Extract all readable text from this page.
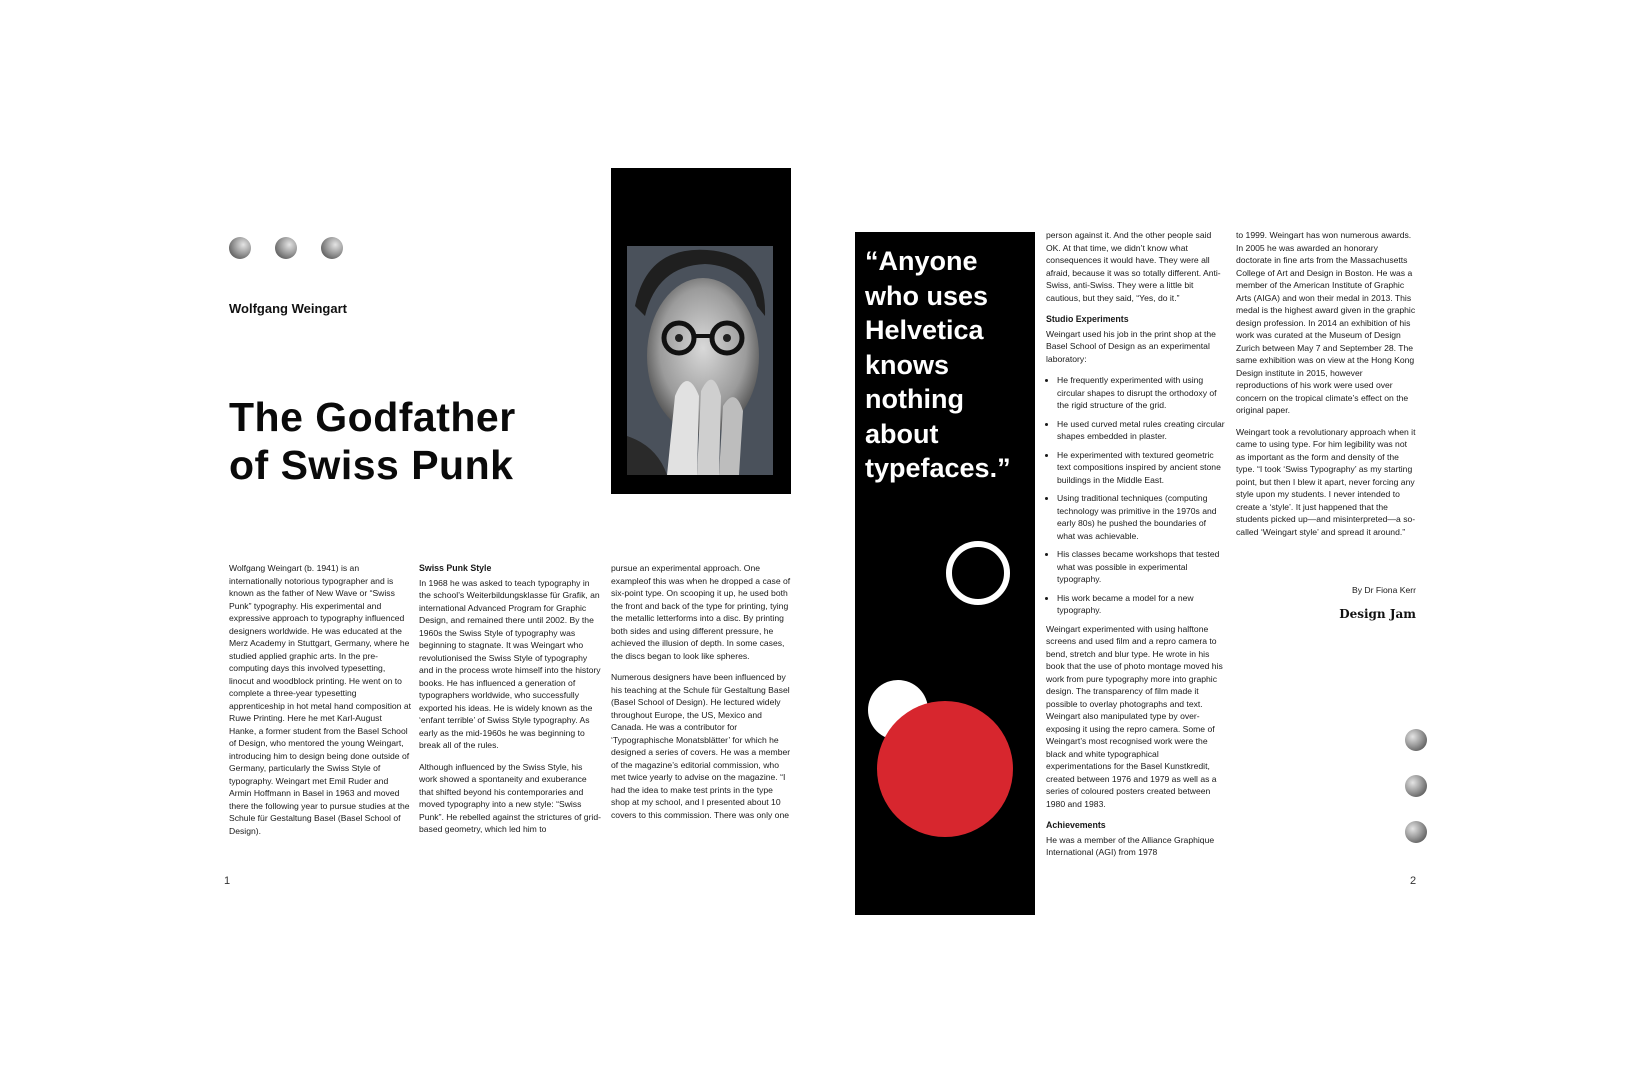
Wolfgang Weingart
The Godfather
of Swiss Punk

Wolfgang Weingart (b. 1941) is an internationally notorious typographer and is known as the father of New Wave or “Swiss Punk” typography. His experimental and expressive approach to typography influenced designers worldwide. He was educated at the Merz Academy in Stuttgart, Germany, where he studied applied graphic arts. In the pre-computing days this involved typesetting, linocut and woodblock printing. He went on to complete a three-year typesetting apprenticeship in hot metal hand composition at Ruwe Printing. Here he met Karl-August Hanke, a former student from the Basel School of Design, who mentored the young Weingart, introducing him to design being done outside of Germany, particularly the Swiss Style of typography. Weingart met Emil Ruder and Armin Hoffmann in Basel in 1963 and moved there the following year to pursue studies at the Schule für Gestaltung Basel (Basel School of Design).

Swiss Punk Style

In 1968 he was asked to teach typography in the school’s Weiterbildungsklasse für Grafik, an international Advanced Program for Graphic Design, and remained there until 2002. By the 1960s the Swiss Style of typography was beginning to stagnate. It was Weingart who revolutionised the Swiss Style of typography and in the process wrote himself into the history books. He has influenced a generation of typographers worldwide, who successfully exported his ideas. He is widely known as the ‘enfant terrible’ of Swiss Style typography. As early as the mid-1960s he was beginning to break all of the rules.

Although influenced by the Swiss Style, his work showed a spontaneity and exuberance that shifted beyond his contemporaries and moved typography into a new style: “Swiss Punk”. He rebelled against the strictures of grid-based geometry, which led him to

pursue an experimental approach. One exampleof this was when he dropped a case of six-point type. On scooping it up, he used both the front and back of the type for printing, tying the metallic letterforms into a disc. By printing both sides and using different pressure, he achieved the illusion of depth. In some cases, the discs began to look like spheres.

Numerous designers have been influenced by his teaching at the Schule für Gestaltung Basel (Basel School of Design). He lectured widely throughout Europe, the US, Mexico and Canada. He was a contributor for ‘Typographische Monatsblätter’ for which he designed a series of covers. He was a member of the magazine’s editorial commission, who met twice yearly to advise on the magazine. “I had the idea to make test prints in the type shop at my school, and I presented about 10 covers to this commission. There was only one

1
“Anyone who uses Helvetica knows nothing about typefaces.”

person against it. And the other people said OK. At that time, we didn’t know what consequences it would have. They were all afraid, because it was so totally different. Anti-Swiss, anti-Swiss. They were a little bit cautious, but they said, “Yes, do it.”

Studio Experiments

Weingart used his job in the print shop at the Basel School of Design as an experimental laboratory:

• He frequently experimented with using circular shapes to disrupt the orthodoxy of the rigid structure of the grid.
• He used curved metal rules creating circular shapes embedded in plaster.
• He experimented with textured geometric text compositions inspired by ancient stone buildings in the Middle East.
• Using traditional techniques (computing technology was primitive in the 1970s and early 80s) he pushed the boundaries of what was achievable.
• His classes became workshops that tested what was possible in experimental typography.
• His work became a model for a new typography.

Weingart experimented with using halftone screens and used film and a repro camera to bend, stretch and blur type. He wrote in his book that the use of photo montage moved his work from pure typography more into graphic design. The transparency of film made it possible to overlay photographs and text. Weingart also manipulated type by over-exposing it using the repro camera. Some of Weingart’s most recognised work were the black and white typographical experimentations for the Basel Kunstkredit, created between 1976 and 1979 as well as a series of coloured posters created between 1980 and 1983.

Achievements

He was a member of the Alliance Graphique International (AGI) from 1978

to 1999. Weingart has won numerous awards. In 2005 he was awarded an honorary doctorate in fine arts from the Massachusetts College of Art and Design in Boston. He was a member of the American Institute of Graphic Arts (AIGA) and won their medal in 2013. This medal is the highest award given in the graphic design profession. In 2014 an exhibition of his work was curated at the Museum of Design Zurich between May 7 and September 28. The same exhibition was on view at the Hong Kong Design institute in 2015, however reproductions of his work were used over concern on the tropical climate’s effect on the original paper.

Weingart took a revolutionary approach when it came to using type. For him legibility was not as important as the form and density of the type. “I took ‘Swiss Typography’ as my starting point, but then I blew it apart, never forcing any style upon my students. I never intended to create a ‘style’. It just happened that the students picked up—and misinterpreted—a so-called ‘Weingart style’ and spread it around.”

By Dr Fiona Kerr
Design Jam
2
